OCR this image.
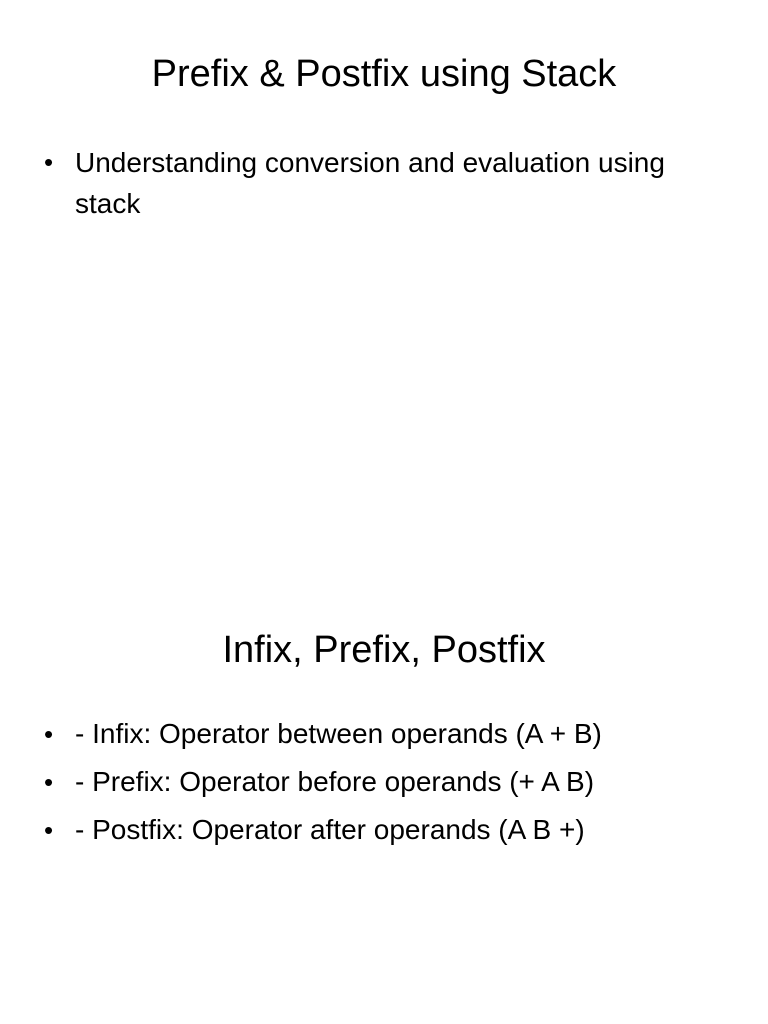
Prefix & Postfix using Stack
• Understanding conversion and evaluation using stack
Infix, Prefix, Postfix
• - Infix: Operator between operands (A + B)
• - Prefix: Operator before operands (+ A B)
• - Postfix: Operator after operands (A B +)
